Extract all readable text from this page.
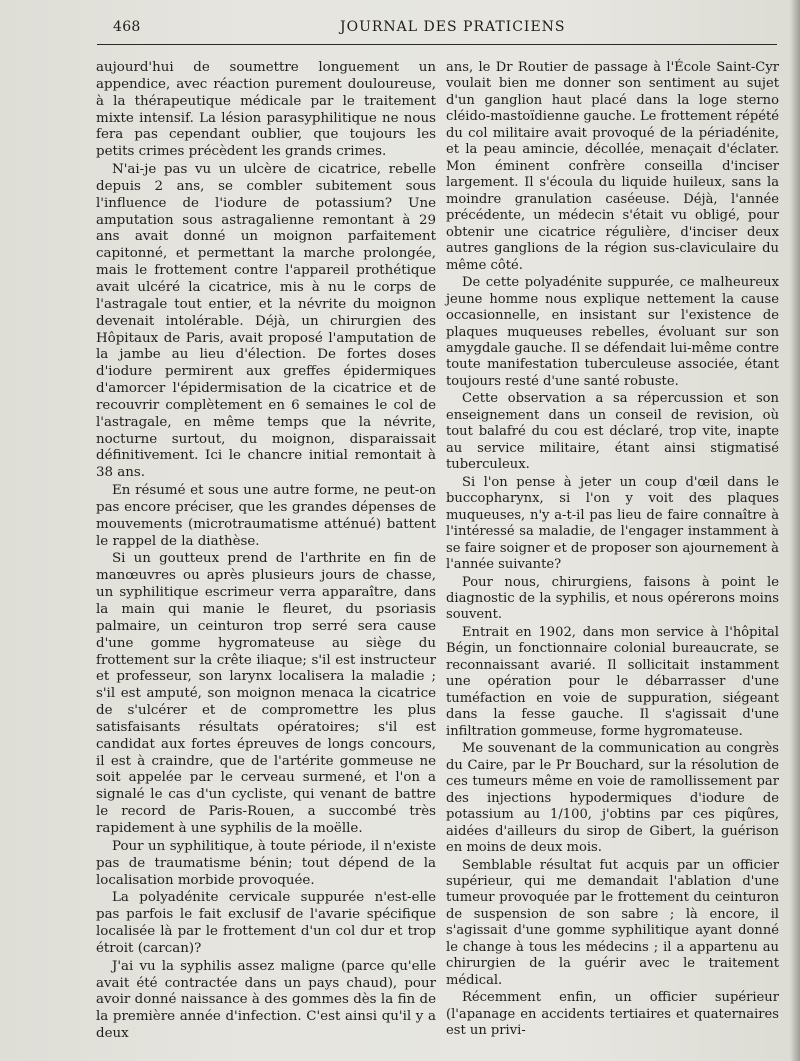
468	JOURNAL DES PRATICIENS

aujourd'hui de soumettre longuement un appendice, avec réaction purement douloureuse, à la thérapeutique médicale par le traitement mixte intensif. La lésion parasyphilitique ne nous fera pas cependant oublier, que toujours les petits crimes précèdent les grands crimes.

N'ai-je pas vu un ulcère de cicatrice, rebelle depuis 2 ans, se combler subitement sous l'influence de l'iodure de potassium? Une amputation sous astragalienne remontant à 29 ans avait donné un moignon parfaitement capitonné, et permettant la marche prolongée, mais le frottement contre l'appareil prothétique avait ulcéré la cicatrice, mis à nu le corps de l'astragale tout entier, et la névrite du moignon devenait intolérable. Déjà, un chirurgien des Hôpitaux de Paris, avait proposé l'amputation de la jambe au lieu d'élection. De fortes doses d'iodure permirent aux greffes épidermiques d'amorcer l'épidermisation de la cicatrice et de recouvrir complètement en 6 semaines le col de l'astragale, en même temps que la névrite, nocturne surtout, du moignon, disparaissait définitivement. Ici le chancre initial remontait à 38 ans.

En résumé et sous une autre forme, ne peut-on pas encore préciser, que les grandes dépenses de mouvements (microtraumatisme atténué) battent le rappel de la diathèse.

Si un goutteux prend de l'arthrite en fin de manœuvres ou après plusieurs jours de chasse, un syphilitique escrimeur verra apparaître, dans la main qui manie le fleuret, du psoriasis palmaire, un ceinturon trop serré sera cause d'une gomme hygromateuse au siège du frottement sur la crête iliaque; s'il est instructeur et professeur, son larynx localisera la maladie ; s'il est amputé, son moignon menaca la cicatrice de s'ulcérer et de compromettre les plus satisfaisants résultats opératoires; s'il est candidat aux fortes épreuves de longs concours, il est à craindre, que de l'artérite gommeuse ne soit appelée par le cerveau surmené, et l'on a signalé le cas d'un cycliste, qui venant de battre le record de Paris-Rouen, a succombé très rapidement à une syphilis de la moëlle.

Pour un syphilitique, à toute période, il n'existe pas de traumatisme bénin; tout dépend de la localisation morbide provoquée.

La polyadénite cervicale suppurée n'est-elle pas parfois le fait exclusif de l'avarie spécifique localisée là par le frottement d'un col dur et trop étroit (carcan)?

J'ai vu la syphilis assez maligne (parce qu'elle avait été contractée dans un pays chaud), pour avoir donné naissance à des gommes dès la fin de la première année d'infection. C'est ainsi qu'il y a deux

ans, le Dr Routier de passage à l'École Saint-Cyr voulait bien me donner son sentiment au sujet d'un ganglion haut placé dans la loge sterno cléido-mastoïdienne gauche. Le frottement répété du col militaire avait provoqué de la périadénite, et la peau amincie, décollée, menaçait d'éclater. Mon éminent confrère conseilla d'inciser largement. Il s'écoula du liquide huileux, sans la moindre granulation caséeuse. Déjà, l'année précédente, un médecin s'était vu obligé, pour obtenir une cicatrice régulière, d'inciser deux autres ganglions de la région sus-claviculaire du même côté.

De cette polyadénite suppurée, ce malheureux jeune homme nous explique nettement la cause occasionnelle, en insistant sur l'existence de plaques muqueuses rebelles, évoluant sur son amygdale gauche. Il se défendait lui-même contre toute manifestation tuberculeuse associée, étant toujours resté d'une santé robuste.

Cette observation a sa répercussion et son enseignement dans un conseil de revision, où tout balafré du cou est déclaré, trop vite, inapte au service militaire, étant ainsi stigmatisé tuberculeux.

Si l'on pense à jeter un coup d'œil dans le buccopharynx, si l'on y voit des plaques muqueuses, n'y a-t-il pas lieu de faire connaître à l'intéressé sa maladie, de l'engager instamment à se faire soigner et de proposer son ajournement à l'année suivante?

Pour nous, chirurgiens, faisons à point le diagnostic de la syphilis, et nous opérerons moins souvent.

Entrait en 1902, dans mon service à l'hôpital Bégin, un fonctionnaire colonial bureaucrate, se reconnaissant avarié. Il sollicitait instamment une opération pour le débarrasser d'une tuméfaction en voie de suppuration, siégeant dans la fesse gauche. Il s'agissait d'une infiltration gommeuse, forme hygromateuse.

Me souvenant de la communication au congrès du Caire, par le Pr Bouchard, sur la résolution de ces tumeurs même en voie de ramollissement par des injections hypodermiques d'iodure de potassium au 1/100, j'obtins par ces piqûres, aidées d'ailleurs du sirop de Gibert, la guérison en moins de deux mois.

Semblable résultat fut acquis par un officier supérieur, qui me demandait l'ablation d'une tumeur provoquée par le frottement du ceinturon de suspension de son sabre ; là encore, il s'agissait d'une gomme syphilitique ayant donné le change à tous les médecins ; il a appartenu au chirurgien de la guérir avec le traitement médical.

Récemment enfin, un officier supérieur (l'apanage en accidents tertiaires et quaternaires est un privi-
